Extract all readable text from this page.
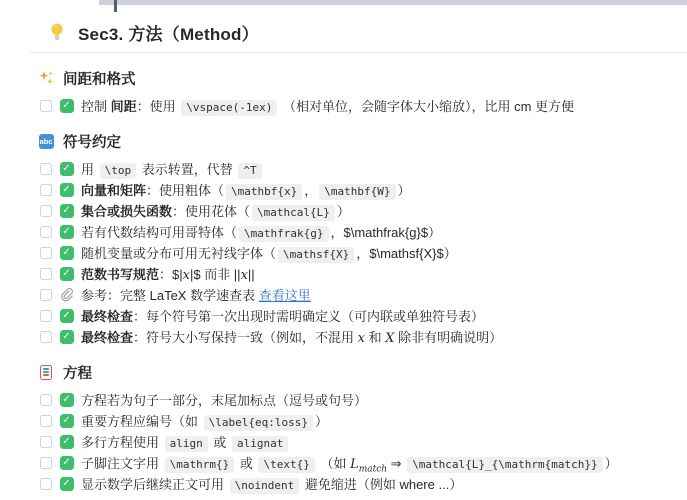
Sec3. 方法（Method）
间距和格式
✓ 控制 间距：使用 \vspace(-1ex) （相对单位，会随字体大小缩放），比用 cm 更方便
abc 符号约定
✓ 用 \top 表示转置，代替 ^T
✓ 向量和矩阵：使用粗体（ \mathbf{x} ， \mathbf{W} ）
✓ 集合或损失函数：使用花体（ \mathcal{L} ）
✓ 若有代数结构可用哥特体（ \mathfrak{g} ，$\mathfrak{g}$）
✓ 随机变量或分布可用无衬线字体（ \mathsf{X} ，$\mathsf{X}$）
✓ 范数书写规范：$|x|$ 而非 ||x||
参考：完整 LaTeX 数学速查表 查看这里
✓ 最终检查：每个符号第一次出现时需明确定义（可内联或单独符号表）
✓ 最终检查：符号大小写保持一致（例如，不混用 x 和 X 除非有明确说明）
方程
✓ 方程若为句子一部分，末尾加标点（逗号或句号）
✓ 重要方程应编号（如 \label{eq:loss} ）
✓ 多行方程使用 align 或 alignat
✓ 子脚注文字用 \mathrm{} 或 \text{} （如 $L_{match}$ ⇒ \mathcal{L}_{\mathrm{match}} ）
✓ 显示数学后继续正文可用 \noindent 避免缩进（例如 where ...）
